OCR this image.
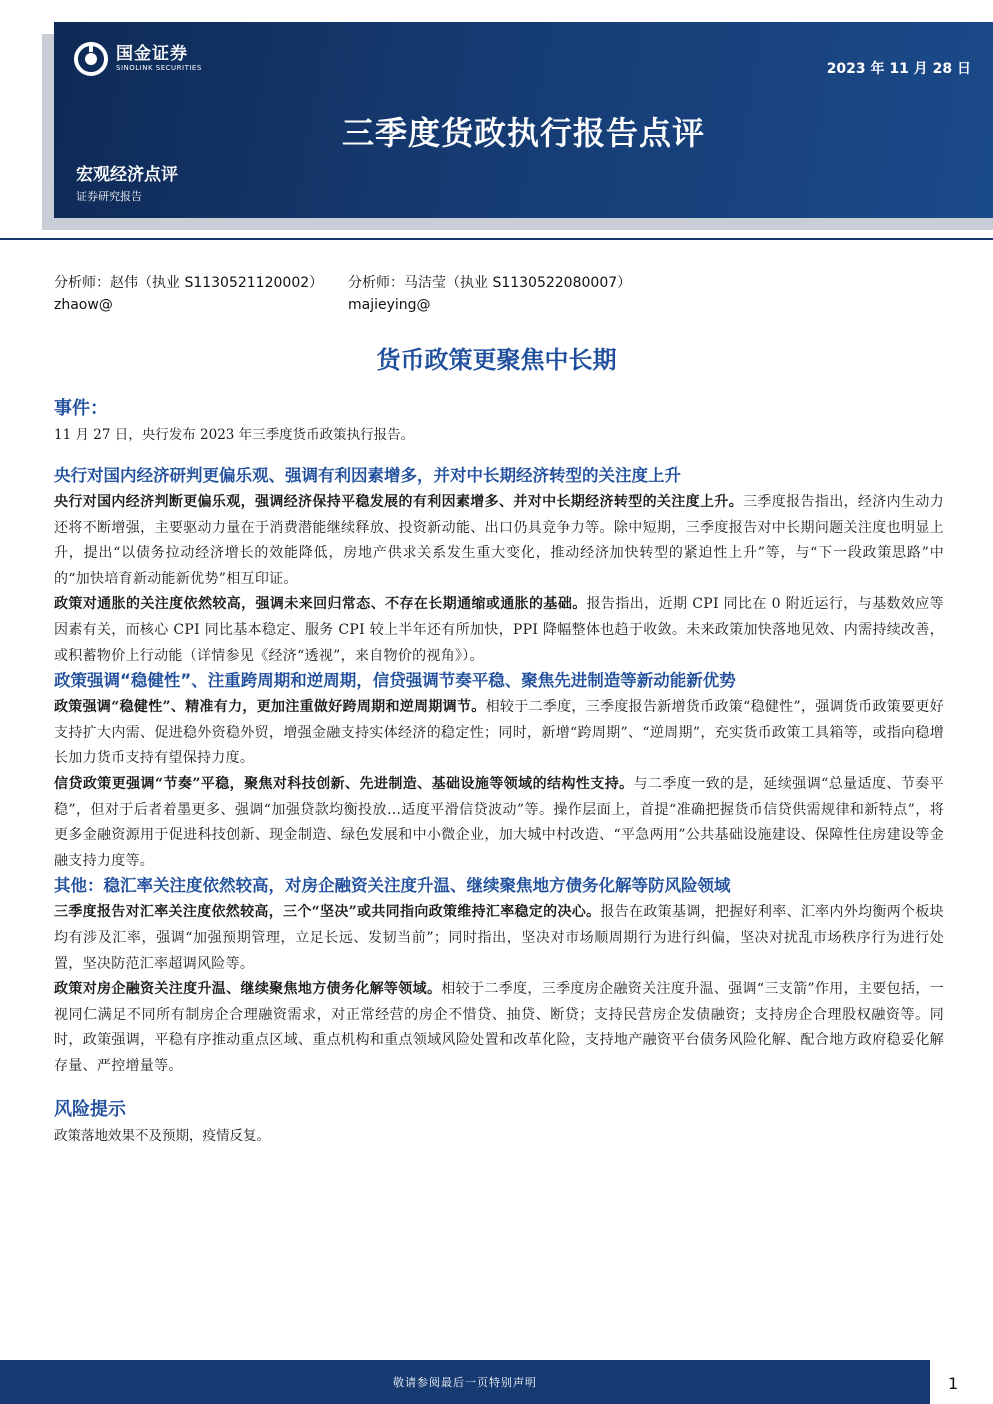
国金证券
SINOLINK SECURITIES	2023 年 11 月 28 日
三季度货政执行报告点评
宏观经济点评
证券研究报告
分析师：赵伟（执业 S1130521120002）
zhaow@
分析师：马洁莹（执业 S1130522080007）
majieying@
货币政策更聚焦中长期
事件：

11 月 27 日，央行发布 2023 年三季度货币政策执行报告。

央行对国内经济研判更偏乐观、强调有利因素增多，并对中长期经济转型的关注度上升

央行对国内经济判断更偏乐观，强调经济保持平稳发展的有利因素增多、并对中长期经济转型的关注度上升。三季度报告指出，经济内生动力还将不断增强，主要驱动力量在于消费潜能继续释放、投资新动能、出口仍具竞争力等。除中短期，三季度报告对中长期问题关注度也明显上升，提出“以债务拉动经济增长的效能降低，房地产供求关系发生重大变化，推动经济加快转型的紧迫性上升”等，与“下一段政策思路”中的“加快培育新动能新优势”相互印证。

政策对通胀的关注度依然较高，强调未来回归常态、不存在长期通缩或通胀的基础。报告指出，近期 CPI 同比在 0 附近运行，与基数效应等因素有关，而核心 CPI 同比基本稳定、服务 CPI 较上半年还有所加快，PPI 降幅整体也趋于收敛。未来政策加快落地见效、内需持续改善，或积蓄物价上行动能（详情参见《经济“透视”，来自物价的视角》）。

政策强调“稳健性”、注重跨周期和逆周期，信贷强调节奏平稳、聚焦先进制造等新动能新优势

政策强调“稳健性”、精准有力，更加注重做好跨周期和逆周期调节。相较于二季度，三季度报告新增货币政策“稳健性”，强调货币政策要更好支持扩大内需、促进稳外资稳外贸，增强金融支持实体经济的稳定性；同时，新增“跨周期”、“逆周期”，充实货币政策工具箱等，或指向稳增长加力货币支持有望保持力度。

信贷政策更强调“节奏”平稳，聚焦对科技创新、先进制造、基础设施等领域的结构性支持。与二季度一致的是，延续强调“总量适度、节奏平稳”，但对于后者着墨更多、强调“加强贷款均衡投放…适度平滑信贷波动”等。操作层面上，首提“准确把握货币信贷供需规律和新特点”，将更多金融资源用于促进科技创新、现金制造、绿色发展和中小微企业，加大城中村改造、“平急两用”公共基础设施建设、保障性住房建设等金融支持力度等。

其他：稳汇率关注度依然较高，对房企融资关注度升温、继续聚焦地方债务化解等防风险领域

三季度报告对汇率关注度依然较高，三个“坚决”或共同指向政策维持汇率稳定的决心。报告在政策基调，把握好利率、汇率内外均衡两个板块均有涉及汇率，强调“加强预期管理，立足长远、发韧当前”；同时指出，坚决对市场顺周期行为进行纠偏，坚决对扰乱市场秩序行为进行处置，坚决防范汇率超调风险等。

政策对房企融资关注度升温、继续聚焦地方债务化解等领域。相较于二季度，三季度房企融资关注度升温、强调“三支箭”作用，主要包括，一视同仁满足不同所有制房企合理融资需求，对正常经营的房企不惜贷、抽贷、断贷；支持民营房企发债融资；支持房企合理股权融资等。同时，政策强调，平稳有序推动重点区域、重点机构和重点领域风险处置和改革化险，支持地产融资平台债务风险化解、配合地方政府稳妥化解存量、严控增量等。

风险提示

政策落地效果不及预期，疫情反复。

敬请参阅最后一页特别声明	1
